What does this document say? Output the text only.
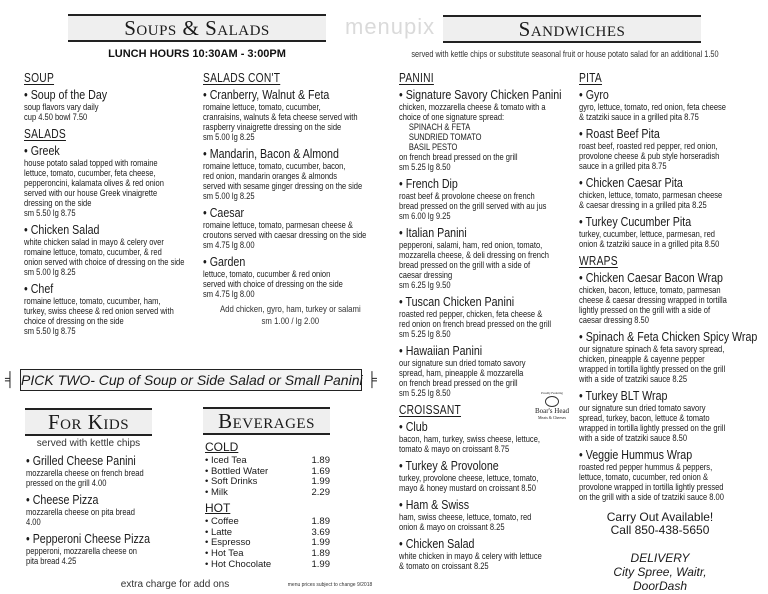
Soups & Salads
LUNCH HOURS 10:30AM - 3:00PM
SOUP
• Soup of the Day
soup flavors vary daily
cup 4.50 bowl 7.50
SALADS
• Greek
house potato salad topped with romaine
lettuce, tomato, cucumber, feta cheese,
pepperoncini, kalamata olives & red onion
served with our house Greek vinaigrette
dressing on the side
sm 5.50 lg 8.75
• Chicken Salad
white chicken salad in mayo & celery over
romaine lettuce, tomato, cucumber, & red
onion served with choice of dressing on the side
sm 5.00 lg 8.25
• Chef
romaine lettuce, tomato, cucumber, ham,
turkey, swiss cheese & red onion served with
choice of dressing on the side
sm 5.50 lg 8.75
SALADS CON'T
• Cranberry, Walnut & Feta
romaine lettuce, tomato, cucumber,
cranraisins, walnuts & feta cheese served with
raspberry vinaigrette dressing on the side
sm 5.00 lg 8.25
• Mandarin, Bacon & Almond
romaine lettuce, tomato, cucumber, bacon,
red onion, mandarin oranges & almonds
served with sesame ginger dressing on the side
sm 5.00 lg 8.25
• Caesar
romaine lettuce, tomato, parmesan cheese &
croutons served with caesar dressing on the side
sm 4.75 lg 8.00
• Garden
lettuce, tomato, cucumber & red onion
served with choice of dressing on the side
sm 4.75 lg 8.00
Add chicken, gyro, ham, turkey or salami
sm 1.00 / lg 2.00
╡ PICK TWO- Cup of Soup or Side Salad or Small Panini ╞
For Kids
served with kettle chips
• Grilled Cheese Panini
mozzarella cheese on french bread
pressed on the grill 4.00
• Cheese Pizza
mozzarella cheese on pita bread
4.00
• Pepperoni Cheese Pizza
pepperoni, mozzarella cheese on
pita bread 4.25
Beverages
COLD
• Iced Tea	1.89
• Bottled Water	1.69
• Soft Drinks	1.99
• Milk	2.29
HOT
• Coffee	1.89
• Latte	3.69
• Espresso	1.99
• Hot Tea	1.89
• Hot Chocolate	1.99
extra charge for add ons	menu prices subject to change 9/2018
Sandwiches
served with kettle chips or substitute seasonal fruit or house potato salad for an additional 1.50
PANINI
• Signature Savory Chicken Panini
chicken, mozzarella cheese & tomato with a
choice of one signature spread:
SPINACH & FETA
SUNDRIED TOMATO
BASIL PESTO
on french bread pressed on the grill
sm 5.25 lg 8.50
• French Dip
roast beef & provolone cheese on french
bread pressed on the grill served with au jus
sm 6.00 lg 9.25
• Italian Panini
pepperoni, salami, ham, red onion, tomato,
mozzarella cheese, & deli dressing on french
bread pressed on the grill with a side of
caesar dressing
sm 6.25 lg 9.50
• Tuscan Chicken Panini
roasted red pepper, chicken, feta cheese &
red onion on french bread pressed on the grill
sm 5.25 lg 8.50
• Hawaiian Panini
our signature sun dried tomato savory
spread, ham, pineapple & mozzarella
on french bread pressed on the grill
sm 5.25 lg 8.50
CROISSANT
• Club
bacon, ham, turkey, swiss cheese, lettuce,
tomato & mayo on croissant 8.75
• Turkey & Provolone
turkey, provolone cheese, lettuce, tomato,
mayo & honey mustard on croissant 8.50
• Ham & Swiss
ham, swiss cheese, lettuce, tomato, red
onion & mayo on croissant 8.25
• Chicken Salad
white chicken in mayo & celery with lettuce
& tomato on croissant 8.25
PITA
• Gyro
gyro, lettuce, tomato, red onion, feta cheese
& tzatziki sauce in a grilled pita 8.75
• Roast Beef Pita
roast beef, roasted red pepper, red onion,
provolone cheese & pub style horseradish
sauce in a grilled pita 8.75
• Chicken Caesar Pita
chicken, lettuce, tomato, parmesan cheese
& caesar dressing in a grilled pita 8.25
• Turkey Cucumber Pita
turkey, cucumber, lettuce, parmesan, red
onion & tzatziki sauce in a grilled pita 8.50
WRAPS
• Chicken Caesar Bacon Wrap
chicken, bacon, lettuce, tomato, parmesan
cheese & caesar dressing wrapped in tortilla
lightly pressed on the grill with a side of
caesar dressing 8.50
• Spinach & Feta Chicken Spicy Wrap
our signature spinach & feta savory spread,
chicken, pineapple & cayenne pepper
wrapped in tortilla lightly pressed on the grill
with a side of tzatziki sauce 8.25
• Turkey BLT Wrap
our signature sun dried tomato savory
spread, turkey, bacon, lettuce & tomato
wrapped in tortilla lightly pressed on the grill
with a side of tzatziki sauce 8.50
• Veggie Hummus Wrap
roasted red pepper hummus & peppers,
lettuce, tomato, cucumber, red onion &
provolone wrapped in tortilla lightly pressed
on the grill with a side of tzatziki sauce 8.00
Proudly Featuring
Boar's Head
Meats & Cheeses
menupix
Carry Out Available!
Call 850-438-5650
DELIVERY
City Spree, Waitr, DoorDash
